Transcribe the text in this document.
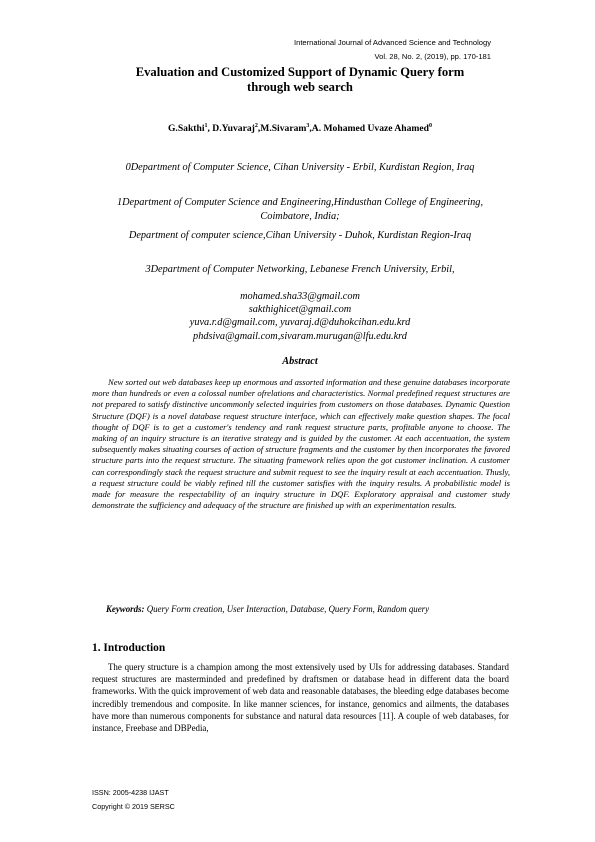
International Journal of Advanced Science and Technology
Vol. 28, No. 2, (2019), pp. 170-181
Evaluation and Customized Support of Dynamic Query form
through web search
G.Sakthi$^1$, D.Yuvaraj$^2$,M.Sivaram$^3$,A. Mohamed Uvaze Ahamed$^0$
0Department of Computer Science, Cihan University - Erbil, Kurdistan Region, Iraq
1Department of Computer Science and Engineering,Hindusthan College of Engineering, Coimbatore, India;
Department of computer science,Cihan University - Duhok, Kurdistan Region-Iraq
3Department of Computer Networking, Lebanese French University, Erbil,
mohamed.sha33@gmail.com
sakthighicet@gmail.com
yuva.r.d@gmail.com, yuvaraj.d@duhokcihan.edu.krd
phdsiva@gmail.com,sivaram.murugan@lfu.edu.krd
Abstract

New sorted out web databases keep up enormous and assorted information and these genuine databases incorporate more than hundreds or even a colossal number ofrelations and characteristics. Normal predefined request structures are not prepared to satisfy distinctive uncommonly selected inquiries from customers on those databases. Dynamic Question Structure (DQF) is a novel database request structure interface, which can effectively make question shapes. The focal thought of DQF is to get a customer's tendency and rank request structure parts, profitable anyone to choose. The making of an inquiry structure is an iterative strategy and is guided by the customer. At each accentuation, the system subsequently makes situating courses of action of structure fragments and the customer by then incorporates the favored structure parts into the request structure. The situating framework relies upon the got customer inclination. A customer can correspondingly stack the request structure and submit request to see the inquiry result at each accentuation. Thusly, a request structure could be viably refined till the customer satisfies with the inquiry results. A probabilistic model is made for measure the respectability of an inquiry structure in DQF. Exploratory appraisal and customer study demonstrate the sufficiency and adequacy of the structure are finished up with an experimentation results.

Keywords: Query Form creation, User Interaction, Database, Query Form, Random query

1. Introduction

The query structure is a champion among the most extensively used by UIs for addressing databases. Standard request structures are masterminded and predefined by draftsmen or database head in different data the board frameworks. With the quick improvement of web data and reasonable databases, the bleeding edge databases become incredibly tremendous and composite. In like manner sciences, for instance, genomics and ailments, the databases have more than numerous components for substance and natural data resources [11]. A couple of web databases, for instance, Freebase and DBPedia,

ISSN: 2005-4238 IJAST
Copyright © 2019 SERSC
